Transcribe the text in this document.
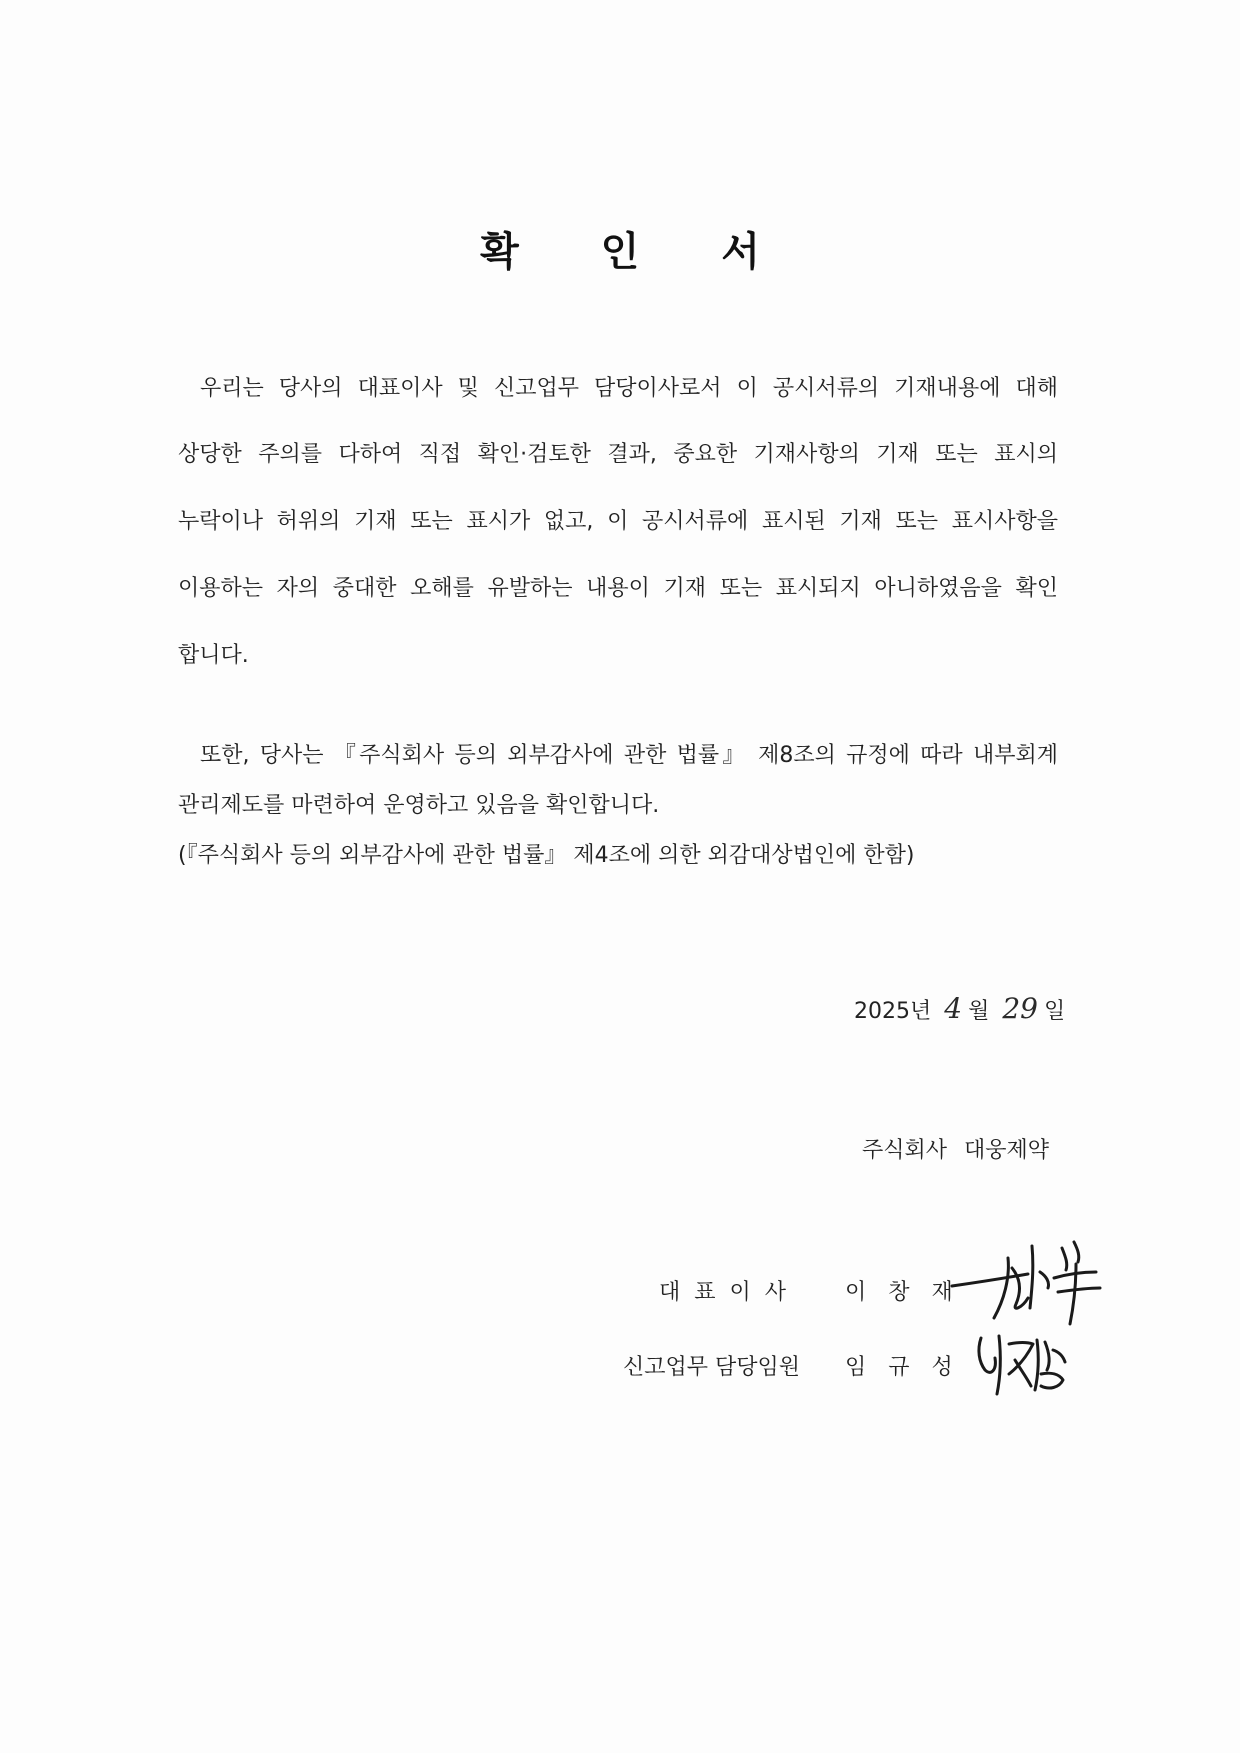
확 인 서
우리는 당사의 대표이사 및 신고업무 담당이사로서 이 공시서류의 기재내용에 대해
상당한 주의를 다하여 직접 확인·검토한 결과, 중요한 기재사항의 기재 또는 표시의
누락이나 허위의 기재 또는 표시가 없고, 이 공시서류에 표시된 기재 또는 표시사항을
이용하는 자의 중대한 오해를 유발하는 내용이 기재 또는 표시되지 아니하였음을 확인
합니다.
또한, 당사는 『주식회사 등의 외부감사에 관한 법률』 제8조의 규정에 따라 내부회계
관리제도를 마련하여 운영하고 있음을 확인합니다.
(『주식회사 등의 외부감사에 관한 법률』 제4조에 의한 외감대상법인에 한함)
2025년 4 월 29 일
주식회사 대웅제약
대표이사 이창재
신고업무 담당임원 임규성
